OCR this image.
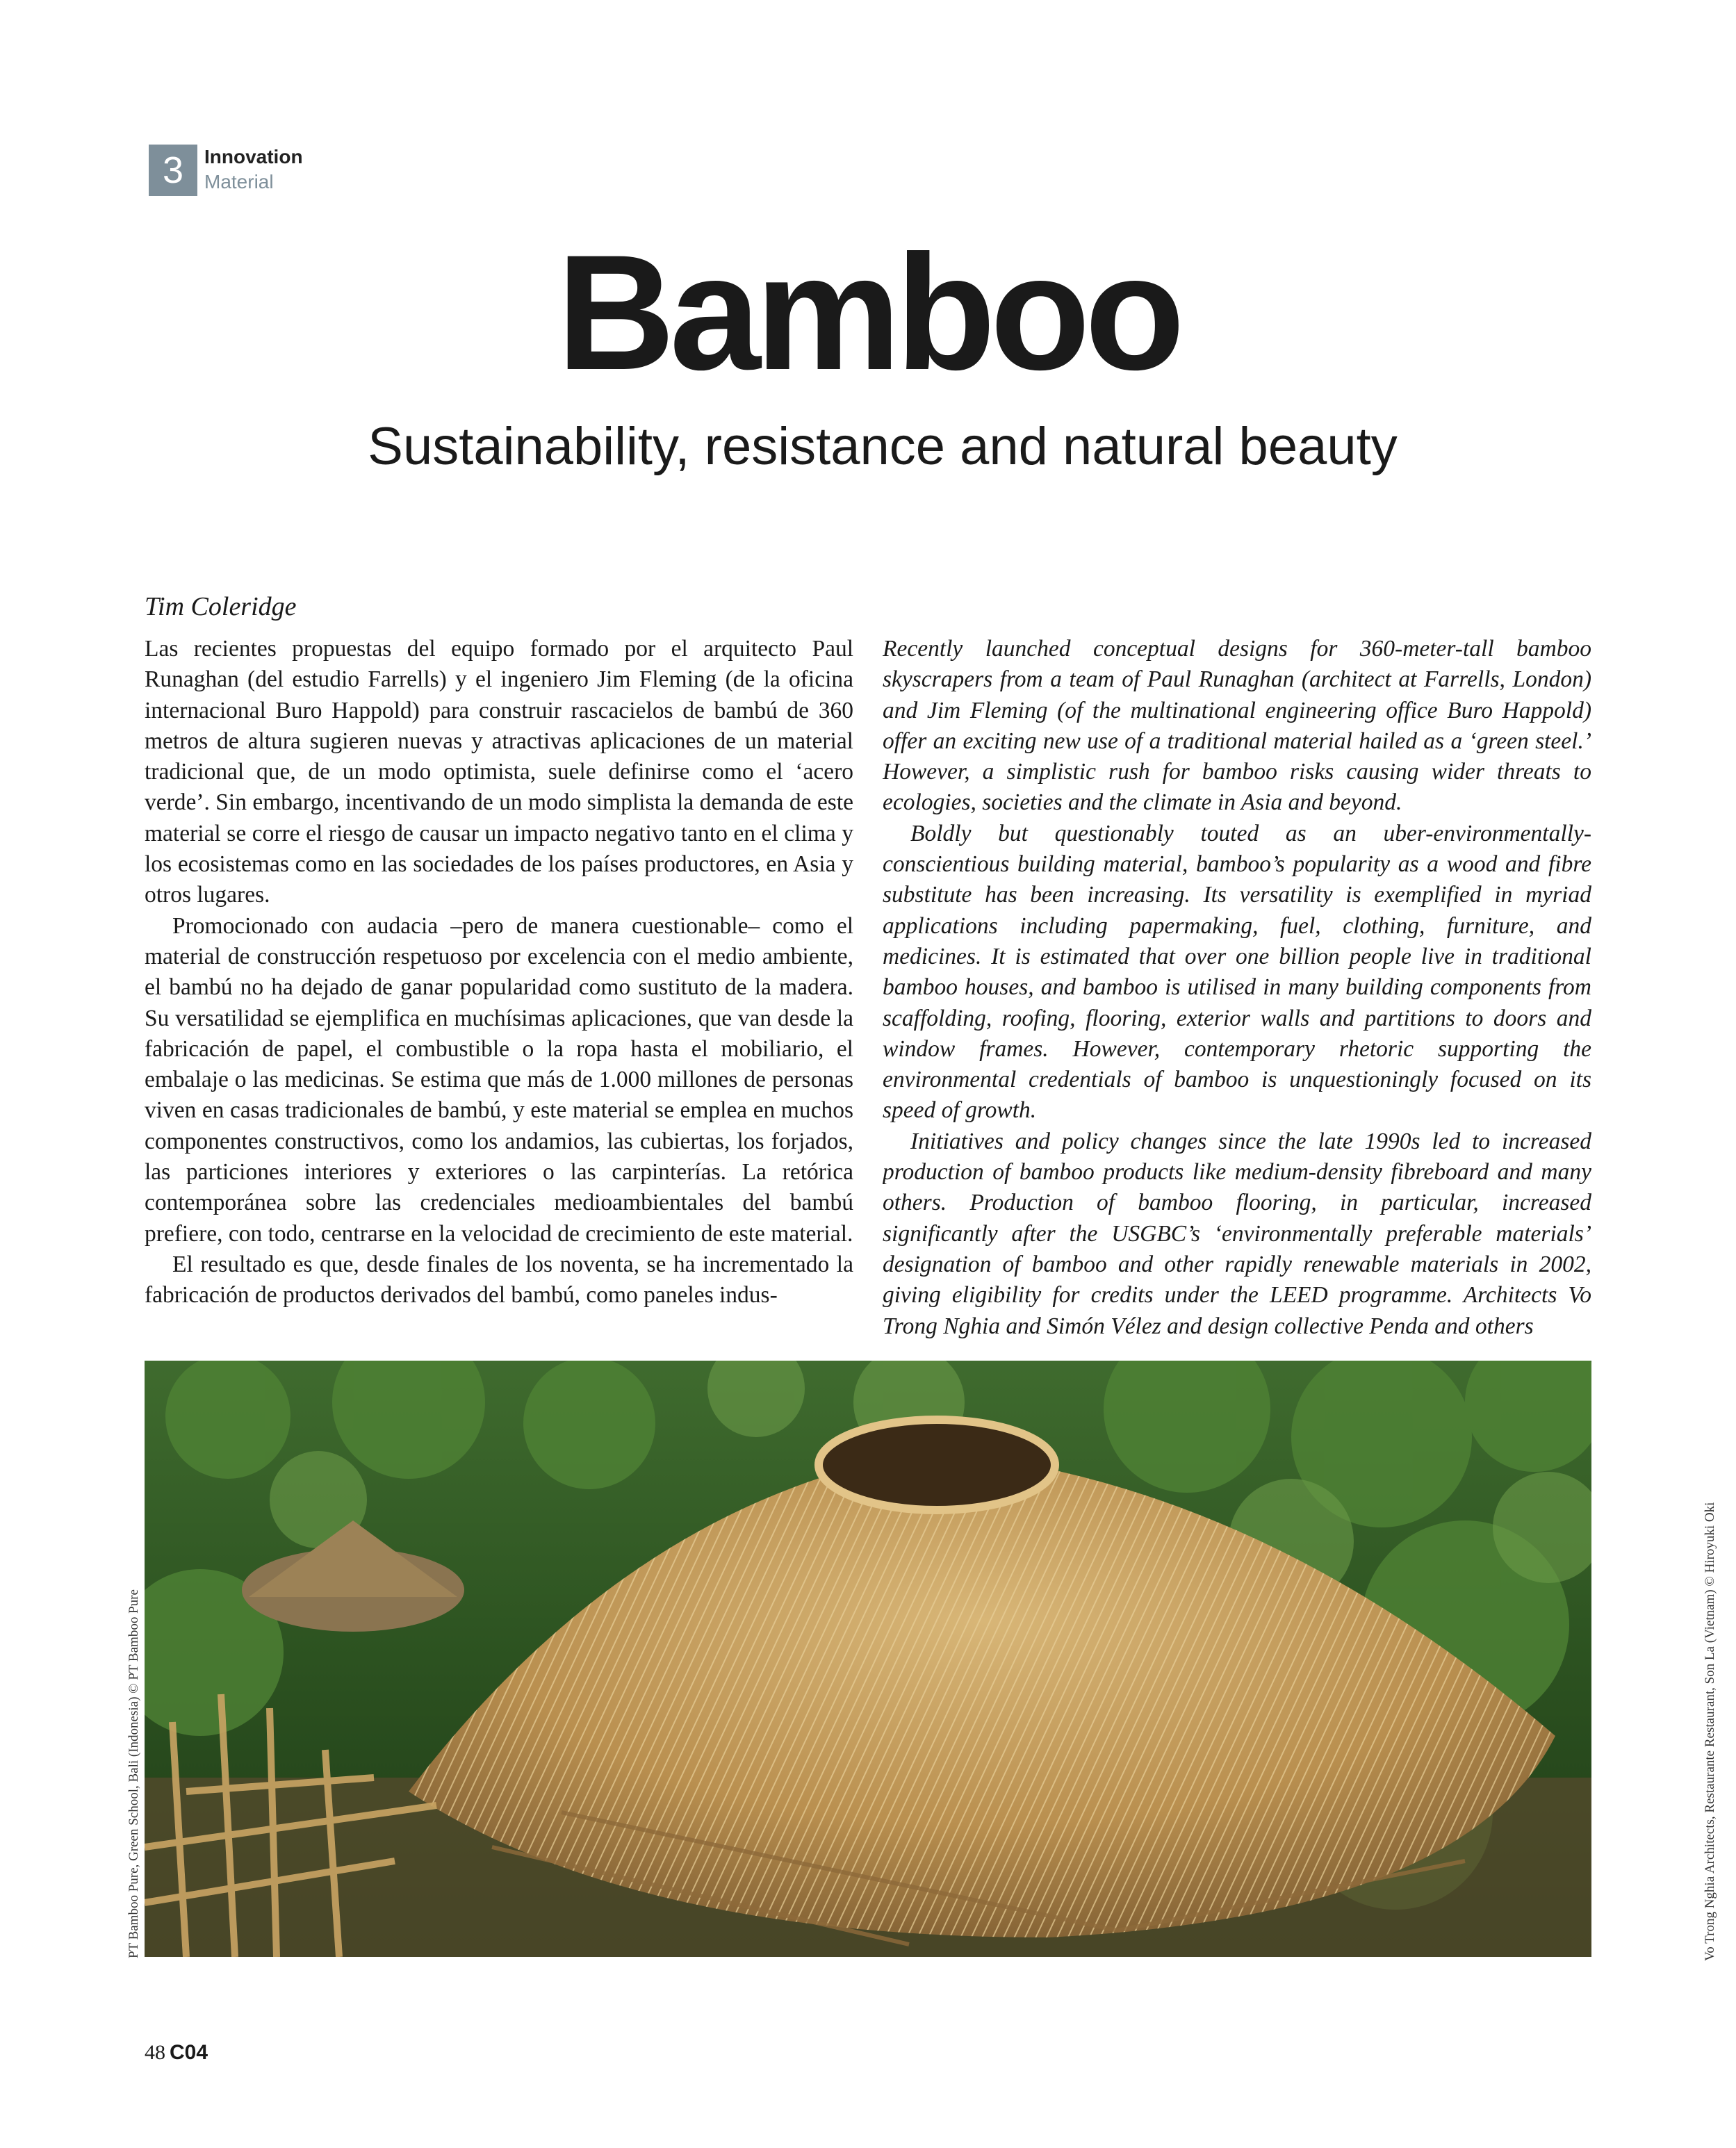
3	Innovation
Material
Bamboo
Sustainability, resistance and natural beauty
Tim Coleridge

Las recientes propuestas del equipo formado por el arquitecto Paul Runaghan (del estudio Farrells) y el ingeniero Jim Fleming (de la oficina internacional Buro Happold) para construir rascacielos de bambú de 360 metros de altura sugieren nuevas y atractivas aplicaciones de un material tradicional que, de un modo optimista, suele definirse como el ‘acero verde’. Sin embargo, incentivando de un modo simplista la demanda de este material se corre el riesgo de causar un impacto negativo tanto en el clima y los ecosistemas como en las sociedades de los países productores, en Asia y otros lugares.

Promocionado con audacia –pero de manera cuestionable– como el material de construcción respetuoso por excelencia con el medio ambiente, el bambú no ha dejado de ganar popularidad como sustituto de la madera. Su versatilidad se ejemplifica en muchísimas aplicaciones, que van desde la fabricación de papel, el combustible o la ropa hasta el mobiliario, el embalaje o las medicinas. Se estima que más de 1.000 millones de personas viven en casas tradicionales de bambú, y este material se emplea en muchos componentes constructivos, como los andamios, las cubiertas, los forjados, las particiones interiores y exteriores o las carpinterías. La retórica contemporánea sobre las credenciales medioambientales del bambú prefiere, con todo, centrarse en la velocidad de crecimiento de este material.

El resultado es que, desde finales de los noventa, se ha incrementado la fabricación de productos derivados del bambú, como paneles indus-

Recently launched conceptual designs for 360-meter-tall bamboo skyscrapers from a team of Paul Runaghan (architect at Farrells, London) and Jim Fleming (of the multinational engineering office Buro Happold) offer an exciting new use of a traditional material hailed as a ‘green steel.’ However, a simplistic rush for bamboo risks causing wider threats to ecologies, societies and the climate in Asia and beyond.

Boldly but questionably touted as an uber-environmentally-conscientious building material, bamboo’s popularity as a wood and fibre substitute has been increasing. Its versatility is exemplified in myriad applications including papermaking, fuel, clothing, furniture, and medicines. It is estimated that over one billion people live in traditional bamboo houses, and bamboo is utilised in many building components from scaffolding, roofing, flooring, exterior walls and partitions to doors and window frames. However, contemporary rhetoric supporting the environmental credentials of bamboo is unquestioningly focused on its speed of growth.

Initiatives and policy changes since the late 1990s led to increased production of bamboo products like medium-density fibreboard and many others. Production of bamboo flooring, in particular, increased significantly after the USGBC’s ‘environmentally preferable materials’ designation of bamboo and other rapidly renewable materials in 2002, giving eligibility for credits under the LEED programme. Architects Vo Trong Nghia and Simón Vélez and design collective Penda and others

PT Bamboo Pure, Green School, Bali (Indonesia) © PT Bamboo Pure	Vo Trong Nghia Architects, Restaurante Restaurant, Son La (Vietnam) © Hiroyuki Oki
48 C04
